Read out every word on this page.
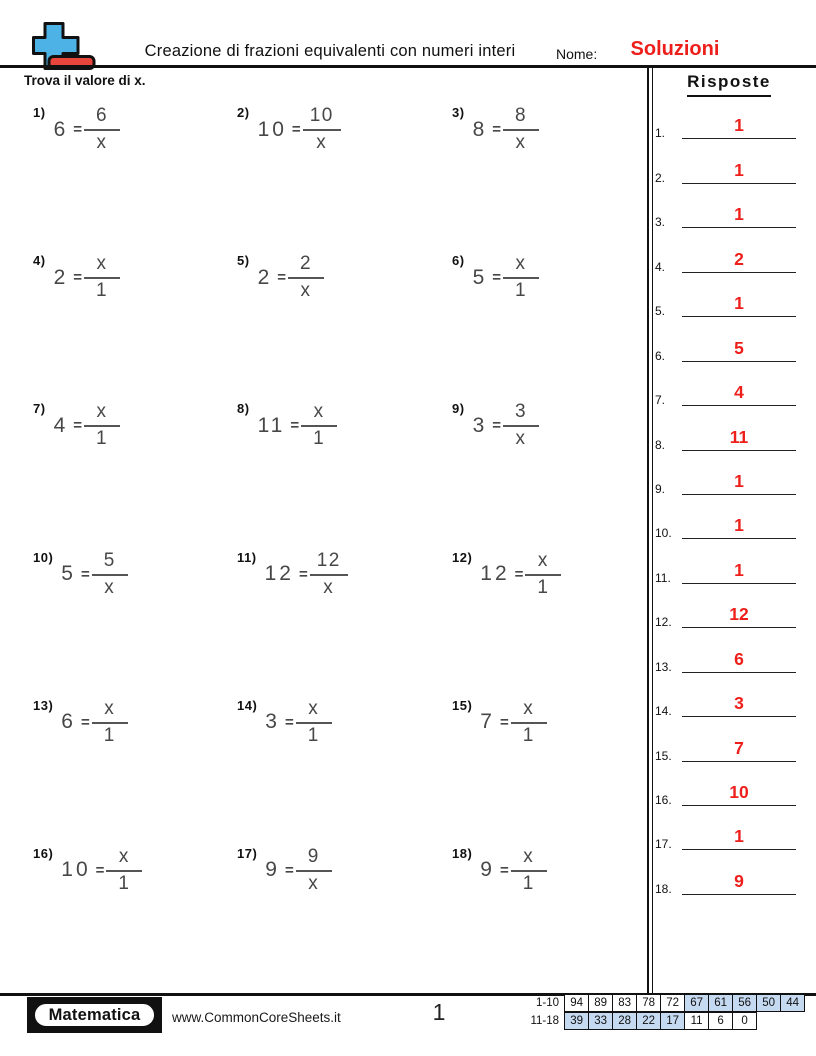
Creazione di frazioni equivalenti con numeri interi	Nome:	Soluzioni
Trova il valore di x.
1)
$6 = \frac{6}{x}$	2)
$10 = \frac{10}{x}$	3)
$8 = \frac{8}{x}$
4)
$2 = \frac{x}{1}$	5)
$2 = \frac{2}{x}$	6)
$5 = \frac{x}{1}$
7)
$4 = \frac{x}{1}$	8)
$11 = \frac{x}{1}$	9)
$3 = \frac{3}{x}$
10)
$5 = \frac{5}{x}$	11)
$12 = \frac{12}{x}$	12)
$12 = \frac{x}{1}$
13)
$6 = \frac{x}{1}$	14)
$3 = \frac{x}{1}$	15)
$7 = \frac{x}{1}$
16)
$10 = \frac{x}{1}$	17)
$9 = \frac{9}{x}$	18)
$9 = \frac{x}{1}$
Risposte
1.	1
2.	1
3.	1
4.	2
5.	1
6.	5
7.	4
8.	11
9.	1
10.	1
11.	1
12.	12
13.	6
14.	3
15.	7
16.	10
17.	1
18.	9
Matematica	www.CommonCoreSheets.it	1	1-10 94 89 83 78 72 67 61 56 50 44
11-18 39 33 28 22 17	11	6	0
